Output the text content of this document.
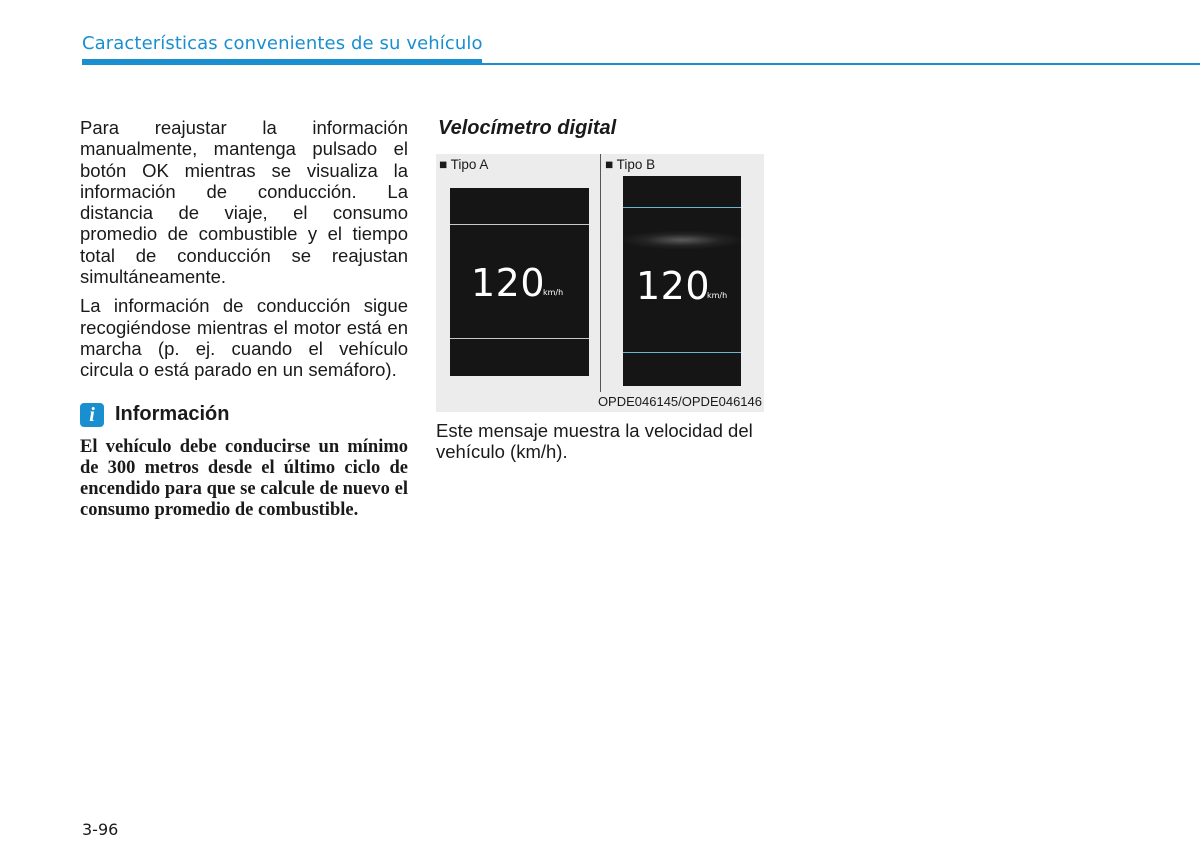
Características convenientes de su vehículo

Para reajustar la información manualmente, mantenga pulsado el botón OK mientras se visualiza la información de conducción. La distancia de viaje, el consumo promedio de combustible y el tiempo total de conducción se reajustan simultáneamente.

La información de conducción sigue recogiéndose mientras el motor está en marcha (p. ej. cuando el vehículo circula o está parado en un semáforo).

i	Información

El vehículo debe conducirse un mínimo de 300 metros desde el último ciclo de encendido para que se calcule de nuevo el consumo promedio de combustible.

Velocímetro digital
■ Tipo A	■ Tipo B
120
km/h 120
km/h
OPDE046145/OPDE046146
Este mensaje muestra la velocidad del vehículo (km/h).
3-96
